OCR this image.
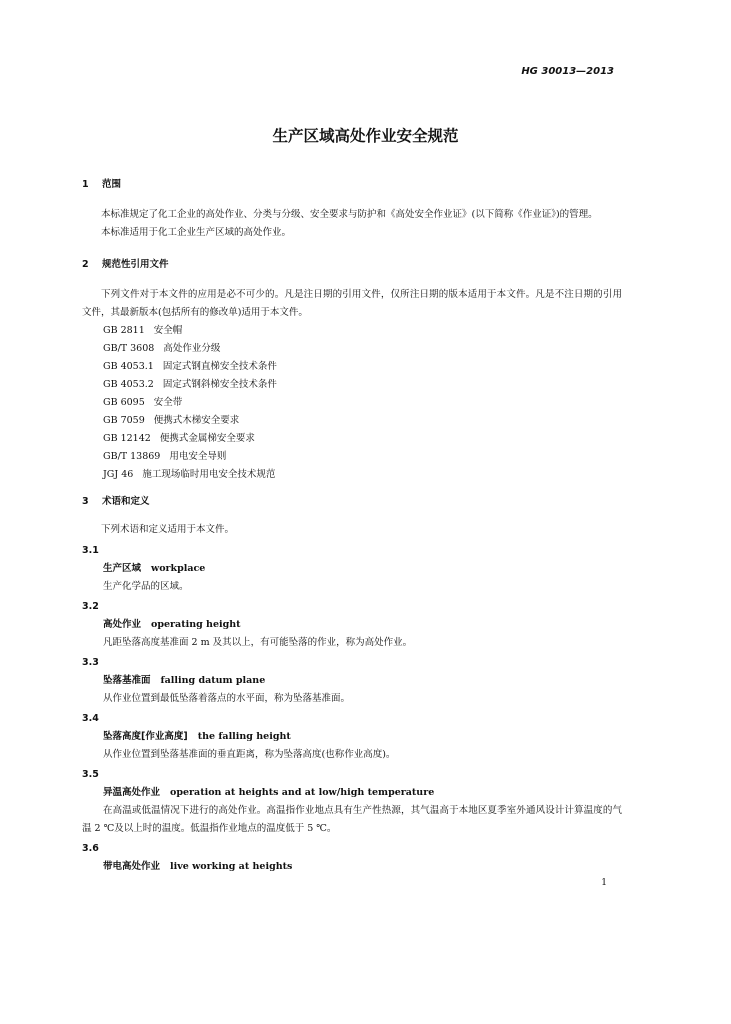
HG 30013—2013
生产区域高处作业安全规范
1 范围

本标准规定了化工企业的高处作业、分类与分级、安全要求与防护和《高处安全作业证》(以下简称《作业证》)的管理。

本标准适用于化工企业生产区域的高处作业。

2 规范性引用文件

下列文件对于本文件的应用是必不可少的。凡是注日期的引用文件，仅所注日期的版本适用于本文件。凡是不注日期的引用文件，其最新版本(包括所有的修改单)适用于本文件。

GB 2811 安全帽
GB/T 3608 高处作业分级
GB 4053.1 固定式钢直梯安全技术条件
GB 4053.2 固定式钢斜梯安全技术条件
GB 6095 安全带
GB 7059 便携式木梯安全要求
GB 12142 便携式金属梯安全要求
GB/T 13869 用电安全导则
JGJ 46 施工现场临时用电安全技术规范
3 术语和定义

下列术语和定义适用于本文件。

3.1
生产区域 workplace

生产化学品的区域。

3.2
高处作业 operating height

凡距坠落高度基准面 2 m 及其以上，有可能坠落的作业，称为高处作业。

3.3
坠落基准面 falling datum plane

从作业位置到最低坠落着落点的水平面，称为坠落基准面。

3.4
坠落高度[作业高度] the falling height

从作业位置到坠落基准面的垂直距离，称为坠落高度(也称作业高度)。

3.5
异温高处作业 operation at heights and at low/high temperature

在高温或低温情况下进行的高处作业。高温指作业地点具有生产性热源，其气温高于本地区夏季室外通风设计计算温度的气温 2 ℃及以上时的温度。低温指作业地点的温度低于 5 ℃。

3.6
带电高处作业 live working at heights
1
